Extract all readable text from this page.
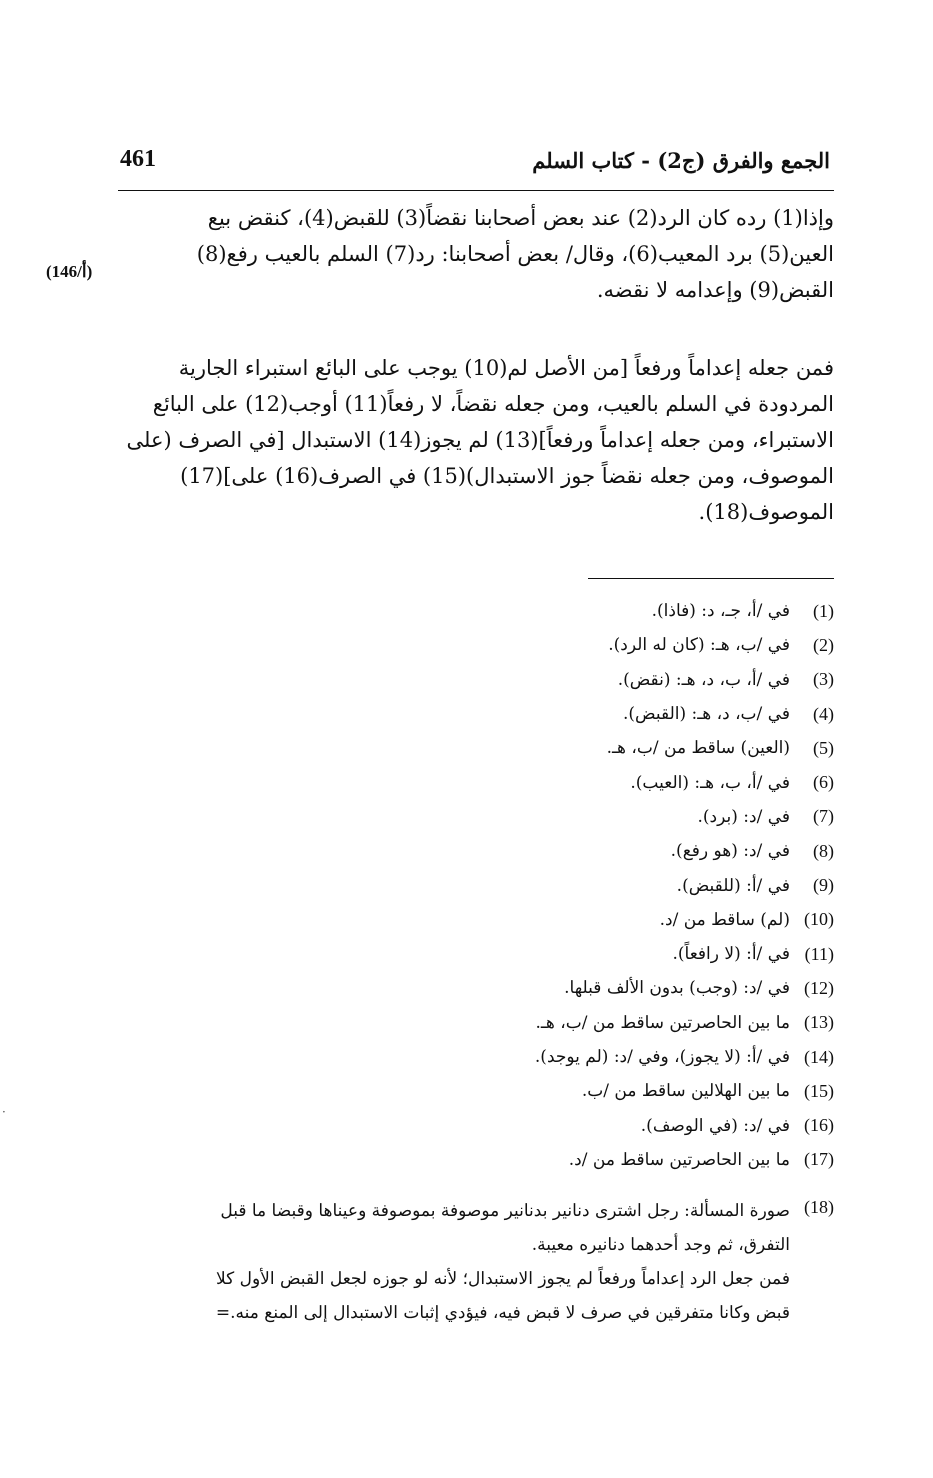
الجمع والفرق (ج2) - كتاب السلم
461
(146/أ)
وإذا(1) رده كان الرد(2) عند بعض أصحابنا نقضاً(3) للقبض(4)، كنقض بيع
العين(5) برد المعيب(6)، وقال/ بعض أصحابنا: رد(7) السلم بالعيب رفع(8)
القبض(9) وإعدامه لا نقضه.
فمن جعله إعداماً ورفعاً [من الأصل لم(10) يوجب على البائع استبراء الجارية
المردودة في السلم بالعيب، ومن جعله نقضاً، لا رفعاً(11) أوجب(12) على البائع
الاستبراء، ومن جعله إعداماً ورفعاً](13) لم يجوز(14) الاستبدال [في الصرف (على
الموصوف، ومن جعله نقضاً جوز الاستبدال)(15) في الصرف(16) على](17)
الموصوف(18).
(1)
في /أ، جـ، د: (فاذا).
(2)
في /ب، هـ: (كان له الرد).
(3)
في /أ، ب، د، هـ: (نقض).
(4)
في /ب، د، هـ: (القبض).
(5)
(العين) ساقط من /ب، هـ.
(6)
في /أ، ب، هـ: (العيب).
(7)
في /د: (برد).
(8)
في /د: (هو رفع).
(9)
في /أ: (للقبض).
(10)
(لم) ساقط من /د.
(11)
في /أ: (لا رافعاً).
(12)
في /د: (وجب) بدون الألف قبلها.
(13)
ما بين الحاصرتين ساقط من /ب، هـ.
(14)
في /أ: (لا يجوز)، وفي /د: (لم يوجد).
(15)
ما بين الهلالين ساقط من /ب.
(16)
في /د: (في الوصف).
(17)
ما بين الحاصرتين ساقط من /د.
(18)
صورة المسألة: رجل اشترى دنانير بدنانير موصوفة بموصوفة وعيناها وقبضا ما قبل
التفرق، ثم وجد أحدهما دنانيره معيبة.
فمن جعل الرد إعداماً ورفعاً لم يجوز الاستبدال؛ لأنه لو جوزه لجعل القبض الأول كلا
قبض وكانا متفرقين في صرف لا قبض فيه، فيؤدي إثبات الاستبدال إلى المنع منه.=
·
